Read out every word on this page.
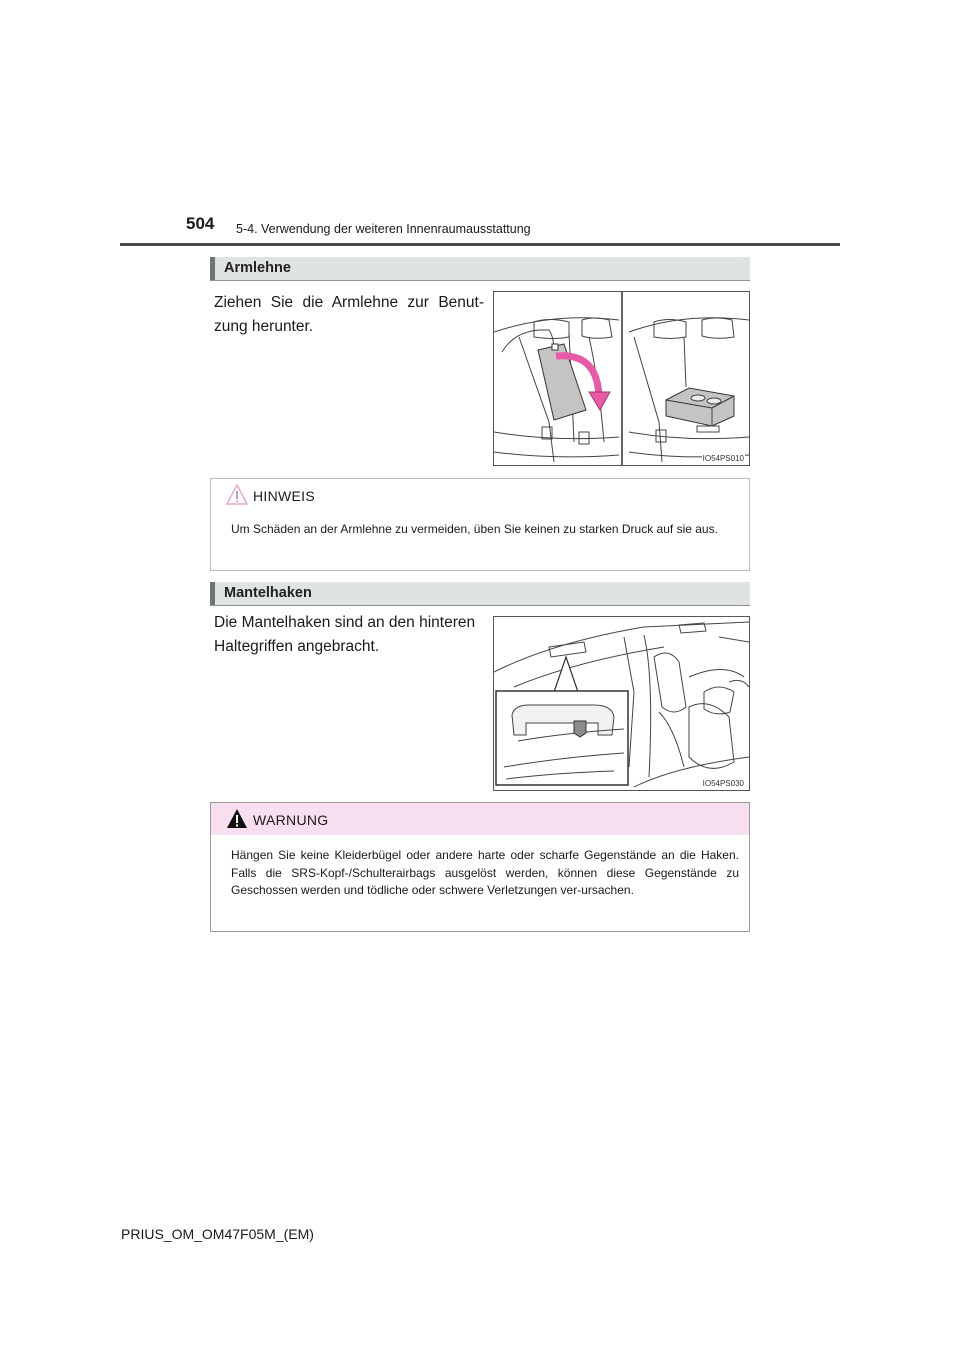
504 5-4. Verwendung der weiteren Innenraumausstattung
Armlehne
Ziehen Sie die Armlehne zur Benut-zung herunter.
IO54PS010
HINWEIS
Um Schäden an der Armlehne zu vermeiden, üben Sie keinen zu starken Druck auf sie aus.
Mantelhaken
Die Mantelhaken sind an den hinteren Haltegriffen angebracht.
IO54PS030
WARNUNG
Hängen Sie keine Kleiderbügel oder andere harte oder scharfe Gegenstände an die Haken. Falls die SRS-Kopf-/Schulterairbags ausgelöst werden, können diese Gegenstände zu Geschossen werden und tödliche oder schwere Verletzungen ver-ursachen.
PRIUS_OM_OM47F05M_(EM)
